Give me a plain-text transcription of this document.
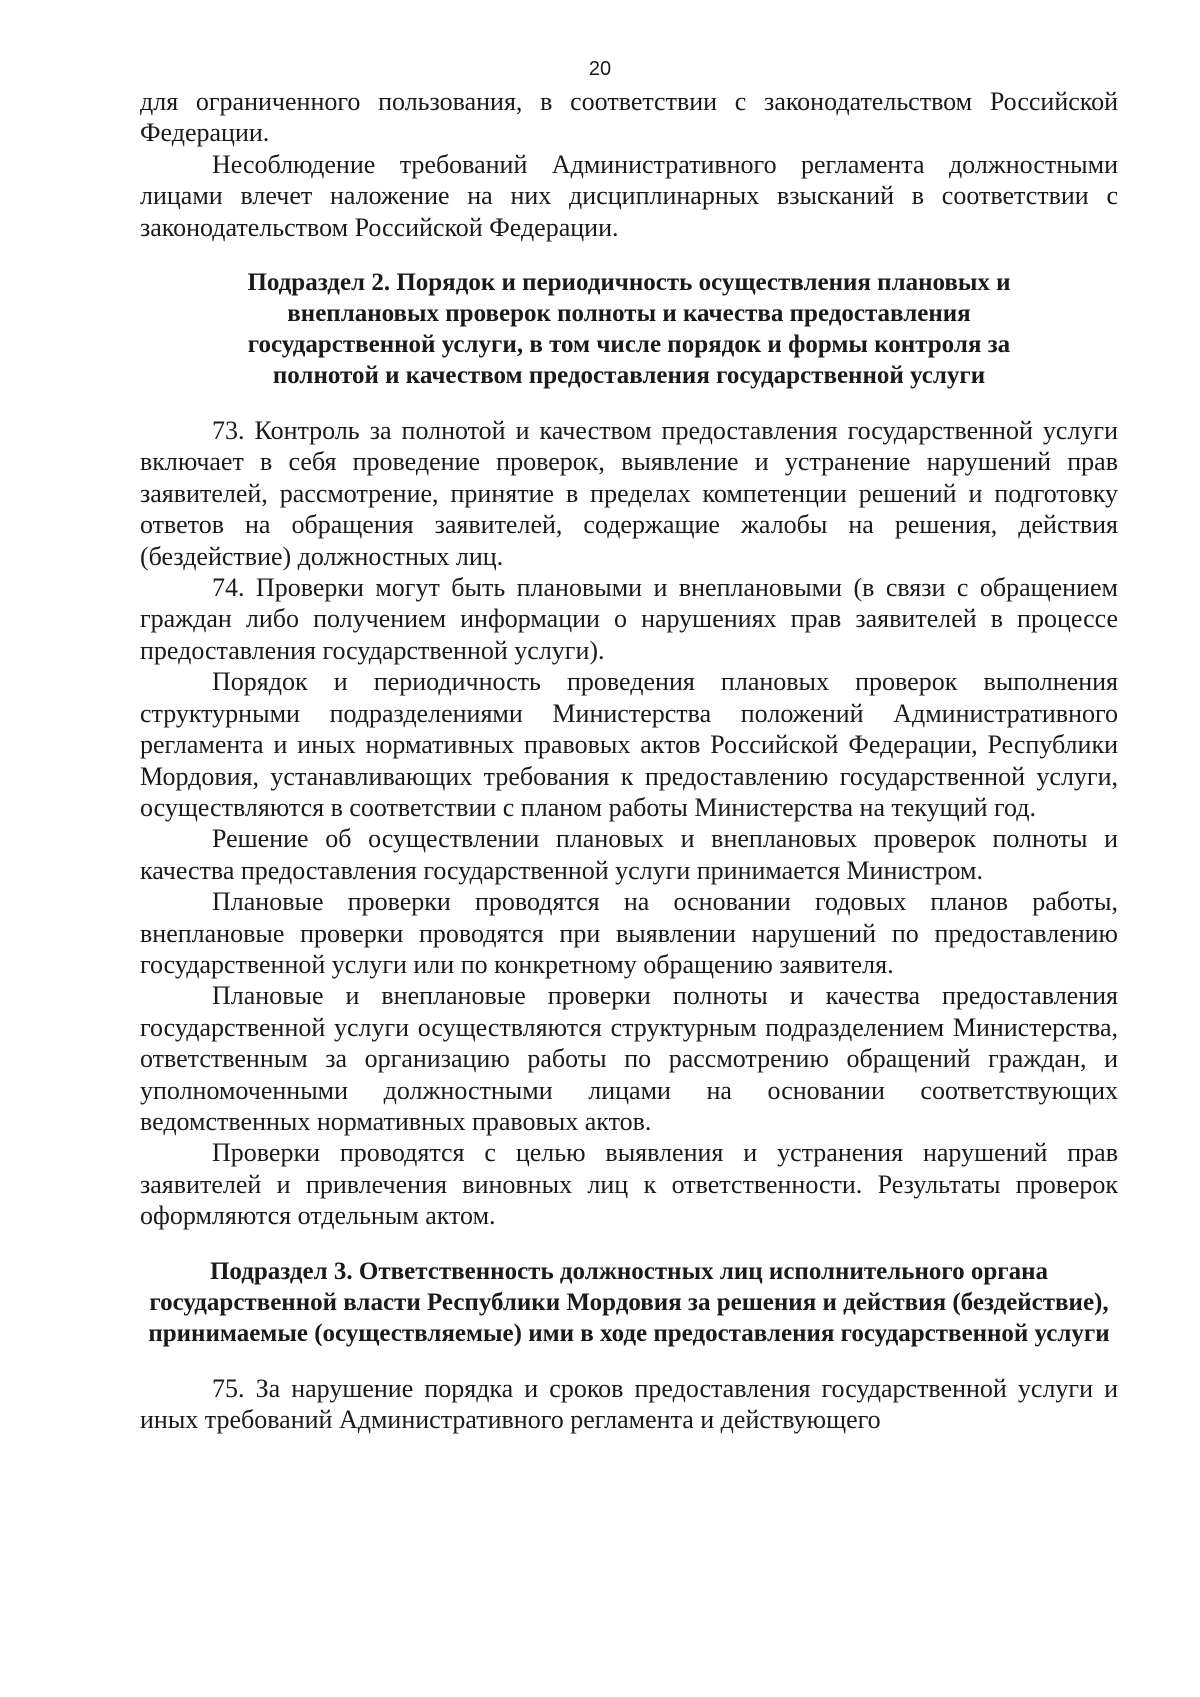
20

для ограниченного пользования, в соответствии с законодательством Российской Федерации.

Несоблюдение требований Административного регламента должностными лицами влечет наложение на них дисциплинарных взысканий в соответствии с законодательством Российской Федерации.

Подраздел 2. Порядок и периодичность осуществления плановых и внеплановых проверок полноты и качества предоставления государственной услуги, в том числе порядок и формы контроля за полнотой и качеством предоставления государственной услуги

73. Контроль за полнотой и качеством предоставления государственной услуги включает в себя проведение проверок, выявление и устранение нарушений прав заявителей, рассмотрение, принятие в пределах компетенции решений и подготовку ответов на обращения заявителей, содержащие жалобы на решения, действия (бездействие) должностных лиц.

74. Проверки могут быть плановыми и внеплановыми (в связи с обращением граждан либо получением информации о нарушениях прав заявителей в процессе предоставления государственной услуги).

Порядок и периодичность проведения плановых проверок выполнения структурными подразделениями Министерства положений Административного регламента и иных нормативных правовых актов Российской Федерации, Республики Мордовия, устанавливающих требования к предоставлению государственной услуги, осуществляются в соответствии с планом работы Министерства на текущий год.

Решение об осуществлении плановых и внеплановых проверок полноты и качества предоставления государственной услуги принимается Министром.

Плановые проверки проводятся на основании годовых планов работы, внеплановые проверки проводятся при выявлении нарушений по предоставлению государственной услуги или по конкретному обращению заявителя.

Плановые и внеплановые проверки полноты и качества предоставления государственной услуги осуществляются структурным подразделением Министерства, ответственным за организацию работы по рассмотрению обращений граждан, и уполномоченными должностными лицами на основании соответствующих ведомственных нормативных правовых актов.

Проверки проводятся с целью выявления и устранения нарушений прав заявителей и привлечения виновных лиц к ответственности. Результаты проверок оформляются отдельным актом.

Подраздел 3. Ответственность должностных лиц исполнительного органа государственной власти Республики Мордовия за решения и действия (бездействие), принимаемые (осуществляемые) ими в ходе предоставления государственной услуги

75. За нарушение порядка и сроков предоставления государственной услуги и иных требований Административного регламента и действующего
